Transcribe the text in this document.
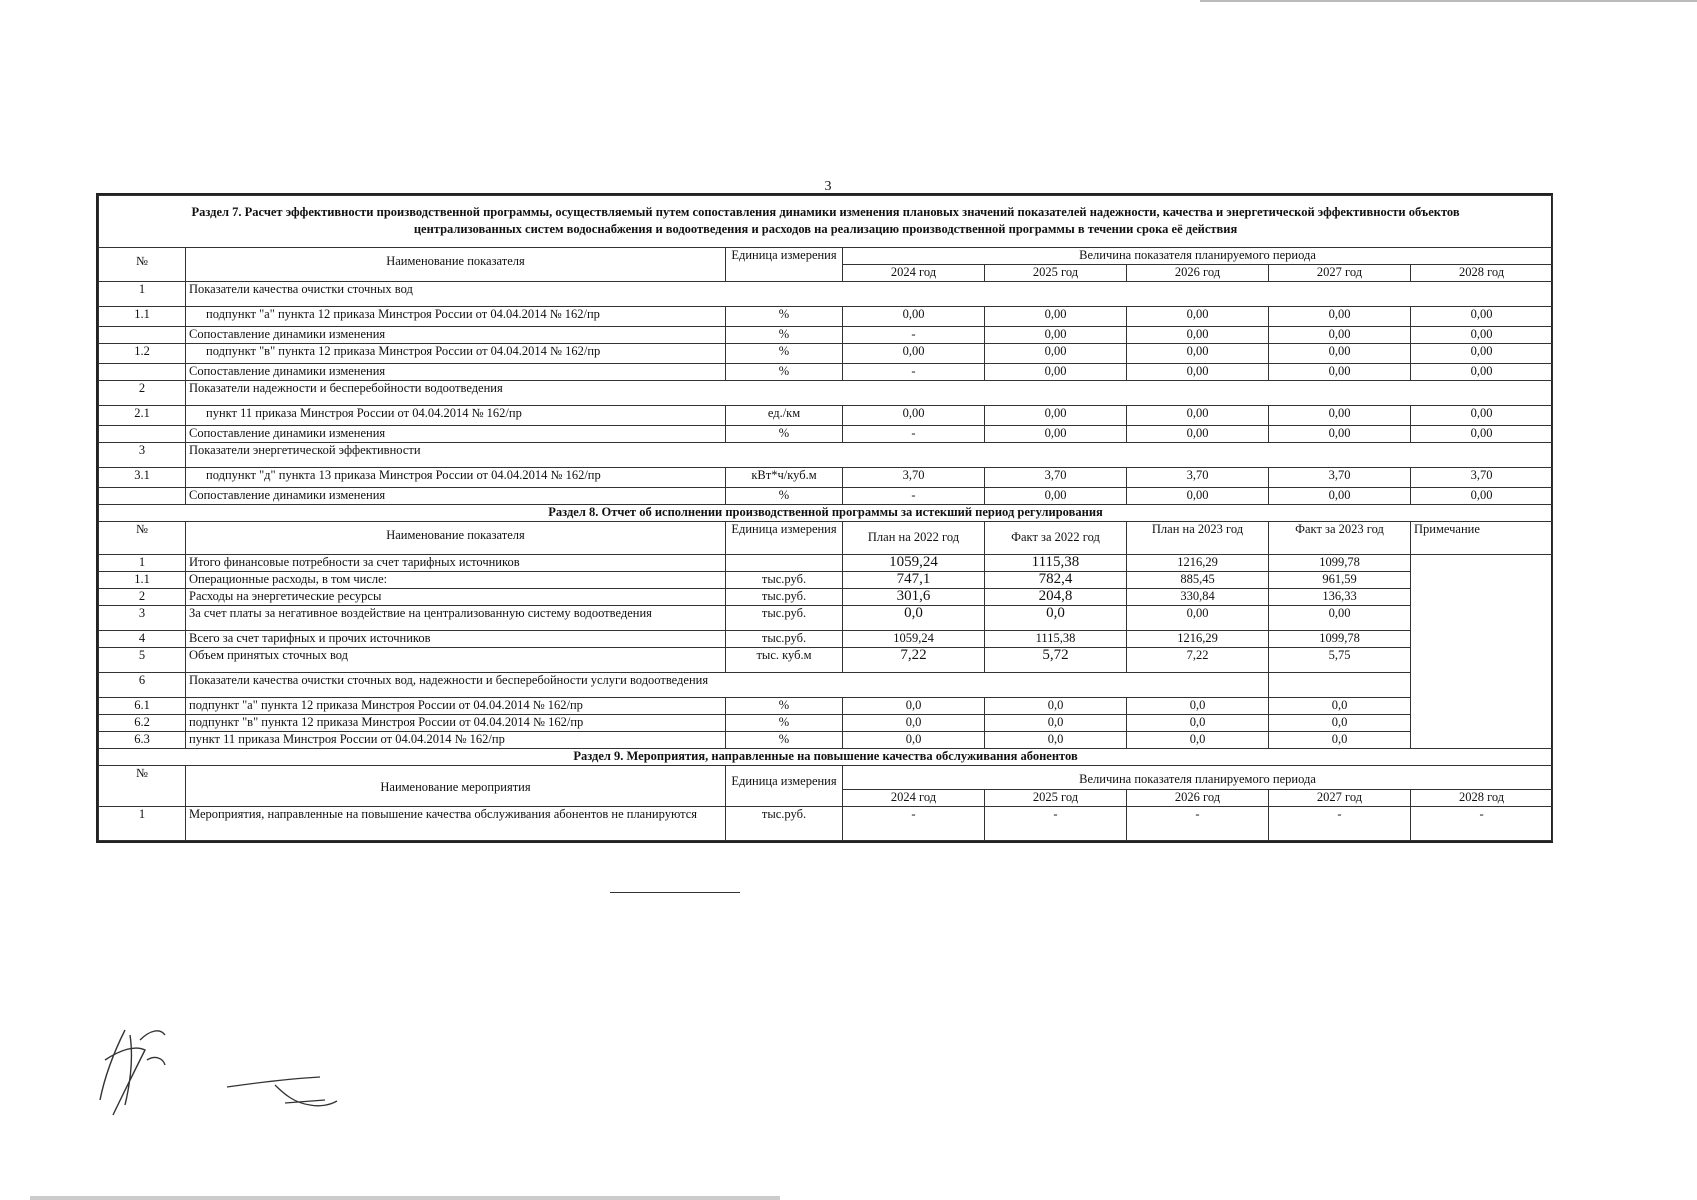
3
Раздел 7. Расчет эффективности производственной программы, осуществляемый путем сопоставления динамики изменения плановых значений показателей надежности, качества и энергетической эффективности объектов централизованных систем водоснабжения и водоотведения и расходов на реализацию производственной программы в течении срока её действия							
№	Наименование показателя	Единица измерения	Величина показателя планируемого периода				
			2024 год	2025 год	2026 год	2027 год	2028 год
1	Показатели качества очистки сточных вод						
1.1	подпункт "а" пункта 12 приказа Минстроя России от 04.04.2014 № 162/пр	%	0,00	0,00	0,00	0,00	0,00
	Сопоставление динамики изменения	%	-	0,00	0,00	0,00	0,00
1.2	подпункт "в" пункта 12 приказа Минстроя России от 04.04.2014 № 162/пр	%	0,00	0,00	0,00	0,00	0,00
	Сопоставление динамики изменения	%	-	0,00	0,00	0,00	0,00
2	Показатели надежности и бесперебойности водоотведения						
2.1	пункт 11 приказа Минстроя России от 04.04.2014 № 162/пр	ед./км	0,00	0,00	0,00	0,00	0,00
	Сопоставление динамики изменения	%	-	0,00	0,00	0,00	0,00
3	Показатели энергетической эффективности						
3.1	подпункт "д" пункта 13 приказа Минстроя России от 04.04.2014 № 162/пр	кВт*ч/куб.м	3,70	3,70	3,70	3,70	3,70
	Сопоставление динамики изменения	%	-	0,00	0,00	0,00	0,00
Раздел 8. Отчет об исполнении производственной программы за истекший период регулирования							
№	Наименование показателя	Единица измерения	План на 2022 год	Факт за 2022 год	План на 2023 год	Факт за 2023 год	Примечание
1	Итого финансовые потребности за счет тарифных источников		1059,24	1115,38	1216,29	1099,78	
1.1	Операционные расходы, в том числе:	тыс.руб.	747,1	782,4	885,45	961,59	
2	Расходы на энергетические ресурсы	тыс.руб.	301,6	204,8	330,84	136,33	
3	За счет платы за негативное воздействие на централизованную систему водоотведения	тыс.руб.	0,0	0,0	0,00	0,00	
4	Всего за счет тарифных и прочих источников	тыс.руб.	1059,24	1115,38	1216,29	1099,78	
5	Объем принятых сточных вод	тыс. куб.м	7,22	5,72	7,22	5,75	
6	Показатели качества очистки сточных вод, надежности и бесперебойности услуги водоотведения						
6.1	подпункт "а" пункта 12 приказа Минстроя России от 04.04.2014 № 162/пр	%	0,0	0,0	0,0	0,0	
6.2	подпункт "в" пункта 12 приказа Минстроя России от 04.04.2014 № 162/пр	%	0,0	0,0	0,0	0,0	
6.3	пункт 11 приказа Минстроя России от 04.04.2014 № 162/пр	%	0,0	0,0	0,0	0,0	
Раздел 9. Мероприятия, направленные на повышение качества обслуживания абонентов							
№	Наименование мероприятия	Единица измерения	Величина показателя планируемого периода				
			2024 год	2025 год	2026 год	2027 год	2028 год
1	Мероприятия, направленные на повышение качества обслуживания абонентов не планируются	тыс.руб.	-	-	-	-	-
